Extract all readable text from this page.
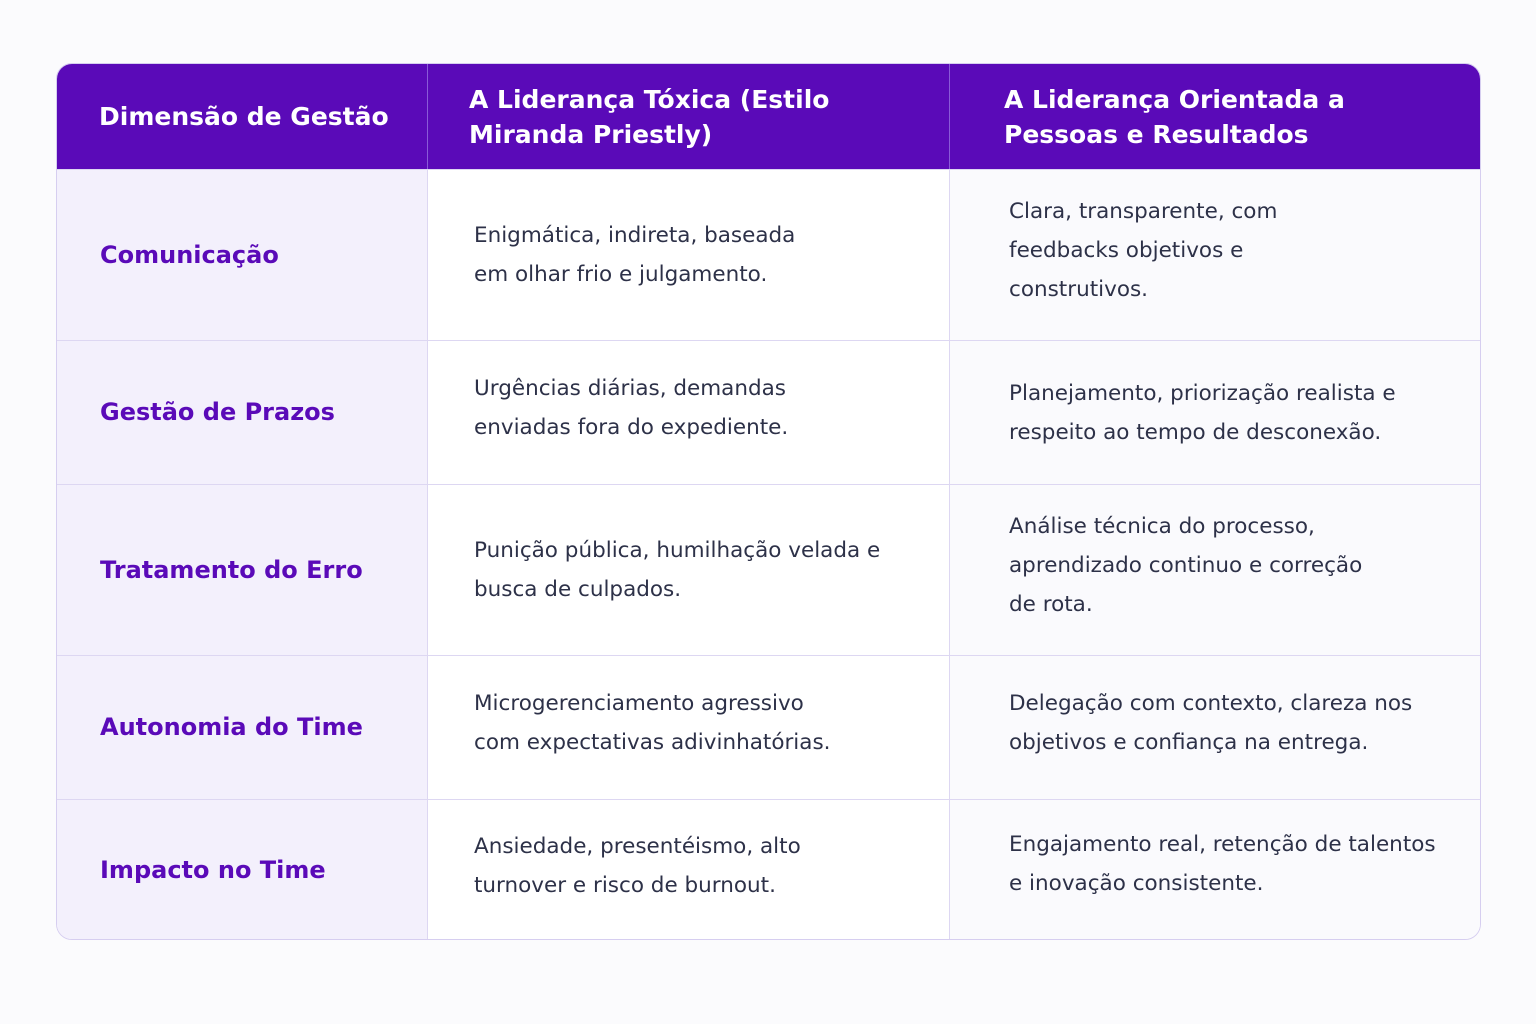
Dimensão de Gestão
A Liderança Tóxica (Estilo Miranda Priestly)
A Liderança Orientada a Pessoas e Resultados
Comunicação
Enigmática, indireta, baseada em olhar frio e julgamento.
Clara, transparente, com feedbacks objetivos e construtivos.
Gestão de Prazos
Urgências diárias, demandas enviadas fora do expediente.
Planejamento, priorização realista e respeito ao tempo de desconexão.
Tratamento do Erro
Punição pública, humilhação velada e busca de culpados.
Análise técnica do processo, aprendizado continuo e correção de rota.
Autonomia do Time
Microgerenciamento agressivo com expectativas adivinhatórias.
Delegação com contexto, clareza nos objetivos e confiança na entrega.
Impacto no Time
Ansiedade, presentéismo, alto turnover e risco de burnout.
Engajamento real, retenção de talentos e inovação consistente.
